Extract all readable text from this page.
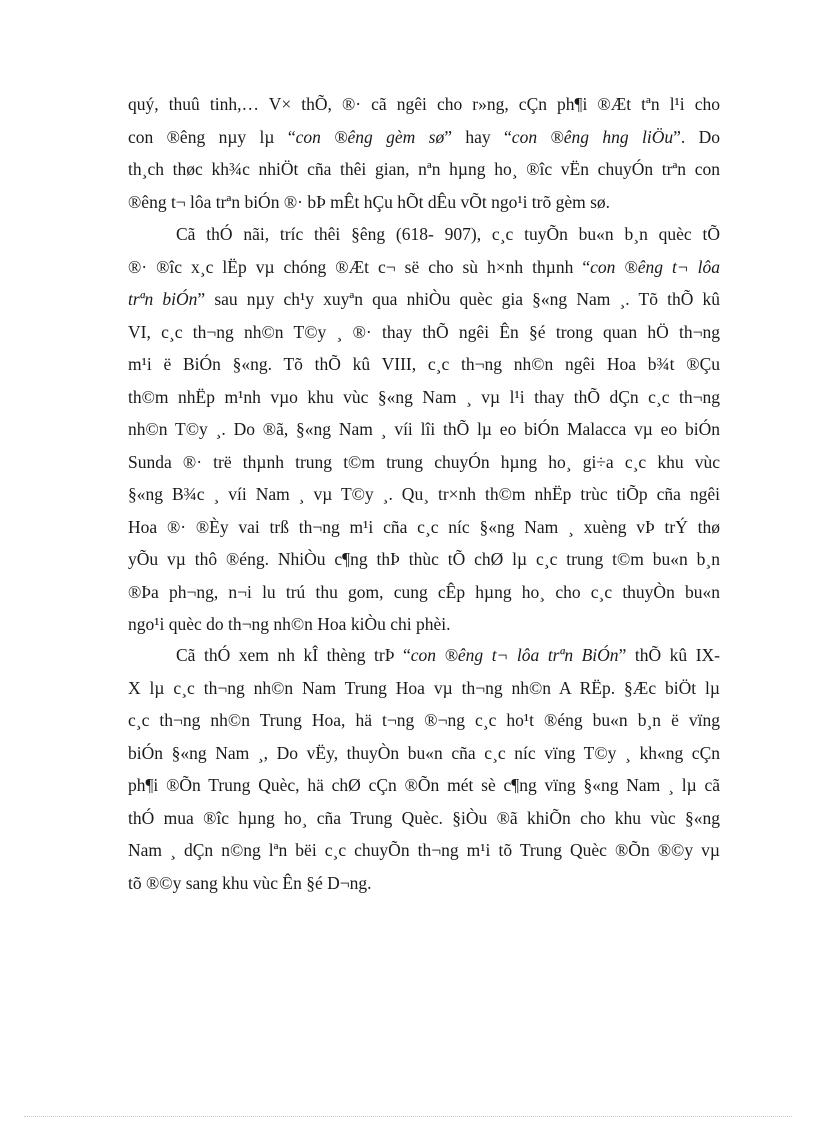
quý, thuû tinh,… V× thÕ, ®· cã ngêi cho r»ng, cÇn ph¶i ®Æt tªn l¹i cho
con ®êng nµy lµ “con ®êng gèm sø” hay “con ®êng hng liÖu”. Do
th¸ch thøc kh¾c nhiÖt cña thêi gian, nªn hµng ho¸ ®îc vËn chuyÓn trªn con
®êng t¬ lôa trªn biÓn ®· bÞ mÊt hÇu hÕt dÊu vÕt ngo¹i trõ gèm sø.
Cã thÓ nãi, tríc thêi §êng (618- 907), c¸c tuyÕn bu«n b¸n quèc tÕ
®· ®îc x¸c lËp vµ chóng ®Æt c¬ së cho sù h×nh thµnh “con ®êng t¬ lôa
trªn biÓn” sau nµy ch¹y xuyªn qua nhiÒu quèc gia §«ng Nam ¸. Tõ thÕ kû
VI, c¸c th¬ng nh©n T©y ¸ ®· thay thÕ ngêi Ên §é trong quan hÖ th¬ng
m¹i ë BiÓn §«ng. Tõ thÕ kû VIII, c¸c th¬ng nh©n ngêi Hoa b¾t ®Çu
th©m nhËp m¹nh vµo khu vùc §«ng Nam ¸ vµ l¹i thay thÕ dÇn c¸c th¬ng
nh©n T©y ¸. Do ®ã, §«ng Nam ¸ víi lîi thÕ lµ eo biÓn Malacca vµ eo biÓn
Sunda ®· trë thµnh trung t©m trung chuyÓn hµng ho¸ gi÷a c¸c khu vùc
§«ng B¾c ¸ víi Nam ¸ vµ T©y ¸. Qu¸ tr×nh th©m nhËp trùc tiÕp cña ngêi
Hoa ®· ®Èy vai trß th¬ng m¹i cña c¸c níc §«ng Nam ¸ xuèng vÞ trÝ thø
yÕu vµ thô ®éng. NhiÒu c¶ng thÞ thùc tÕ chØ lµ c¸c trung t©m bu«n b¸n
®Þa ph¬ng, n¬i lu trú thu gom, cung cÊp hµng ho¸ cho c¸c thuyÒn bu«n
ngo¹i quèc do th¬ng nh©n Hoa kiÒu chi phèi.
Cã thÓ xem nh kÎ thèng trÞ “con ®êng t¬ lôa trªn BiÓn” thÕ kû IX-
X lµ c¸c th¬ng nh©n Nam Trung Hoa vµ th¬ng nh©n A RËp. §Æc biÖt lµ
c¸c th¬ng nh©n Trung Hoa, hä t¬ng ®¬ng c¸c ho¹t ®éng bu«n b¸n ë vïng
biÓn §«ng Nam ¸, Do vËy, thuyÒn bu«n cña c¸c níc vïng T©y ¸ kh«ng cÇn
ph¶i ®Õn Trung Quèc, hä chØ cÇn ®Õn mét sè c¶ng vïng §«ng Nam ¸ lµ cã
thÓ mua ®îc hµng ho¸ cña Trung Quèc. §iÒu ®ã khiÕn cho khu vùc §«ng
Nam ¸ dÇn n©ng lªn bëi c¸c chuyÕn th¬ng m¹i tõ Trung Quèc ®Õn ®©y vµ
tõ ®©y sang khu vùc Ên §é D¬ng.
